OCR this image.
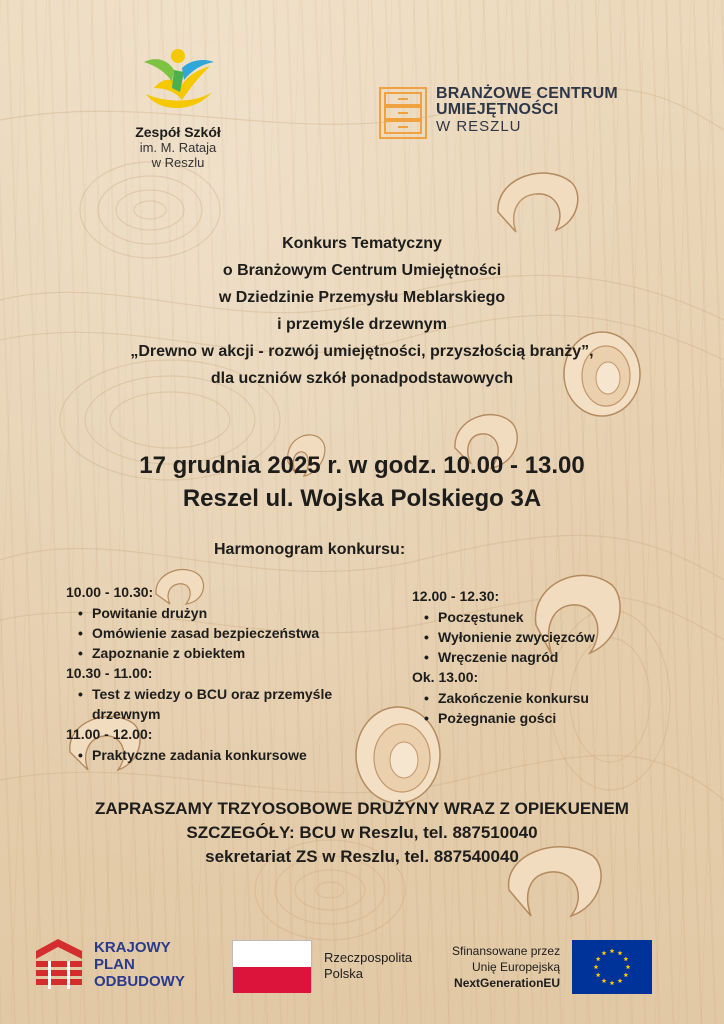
Zespół Szkół
im. M. Rataja
w Reszlu
BRANŻOWE CENTRUM
UMIEJĘTNOŚCI
W RESZLU
Konkurs Tematyczny
o Branżowym Centrum Umiejętności
w Dziedzinie Przemysłu Meblarskiego
i przemyśle drzewnym
„Drewno w akcji - rozwój umiejętności, przyszłością branży”,
dla uczniów szkół ponadpodstawowych
17 grudnia 2025 r. w godz. 10.00 - 13.00
Reszel ul. Wojska Polskiego 3A
Harmonogram konkursu:
10.00 - 10.30:
• Powitanie drużyn
• Omówienie zasad bezpieczeństwa
• Zapoznanie z obiektem
10.30 - 11.00:
• Test z wiedzy o BCU oraz przemyśle drzewnym
11.00 - 12.00:
• Praktyczne zadania konkursowe
12.00 - 12.30:
• Poczęstunek
• Wyłonienie zwycięzców
• Wręczenie nagród
Ok. 13.00:
• Zakończenie konkursu
• Pożegnanie gości
ZAPRASZAMY TRZYOSOBOWE DRUŻYNY WRAZ Z OPIEKUENEM
SZCZEGÓŁY: BCU w Reszlu, tel. 887510040
sekretariat ZS w Reszlu, tel. 887540040
KRAJOWY
PLAN
ODBUDOWY
Rzeczpospolita
Polska
Sfinansowane przez
Unię Europejską
NextGenerationEU
